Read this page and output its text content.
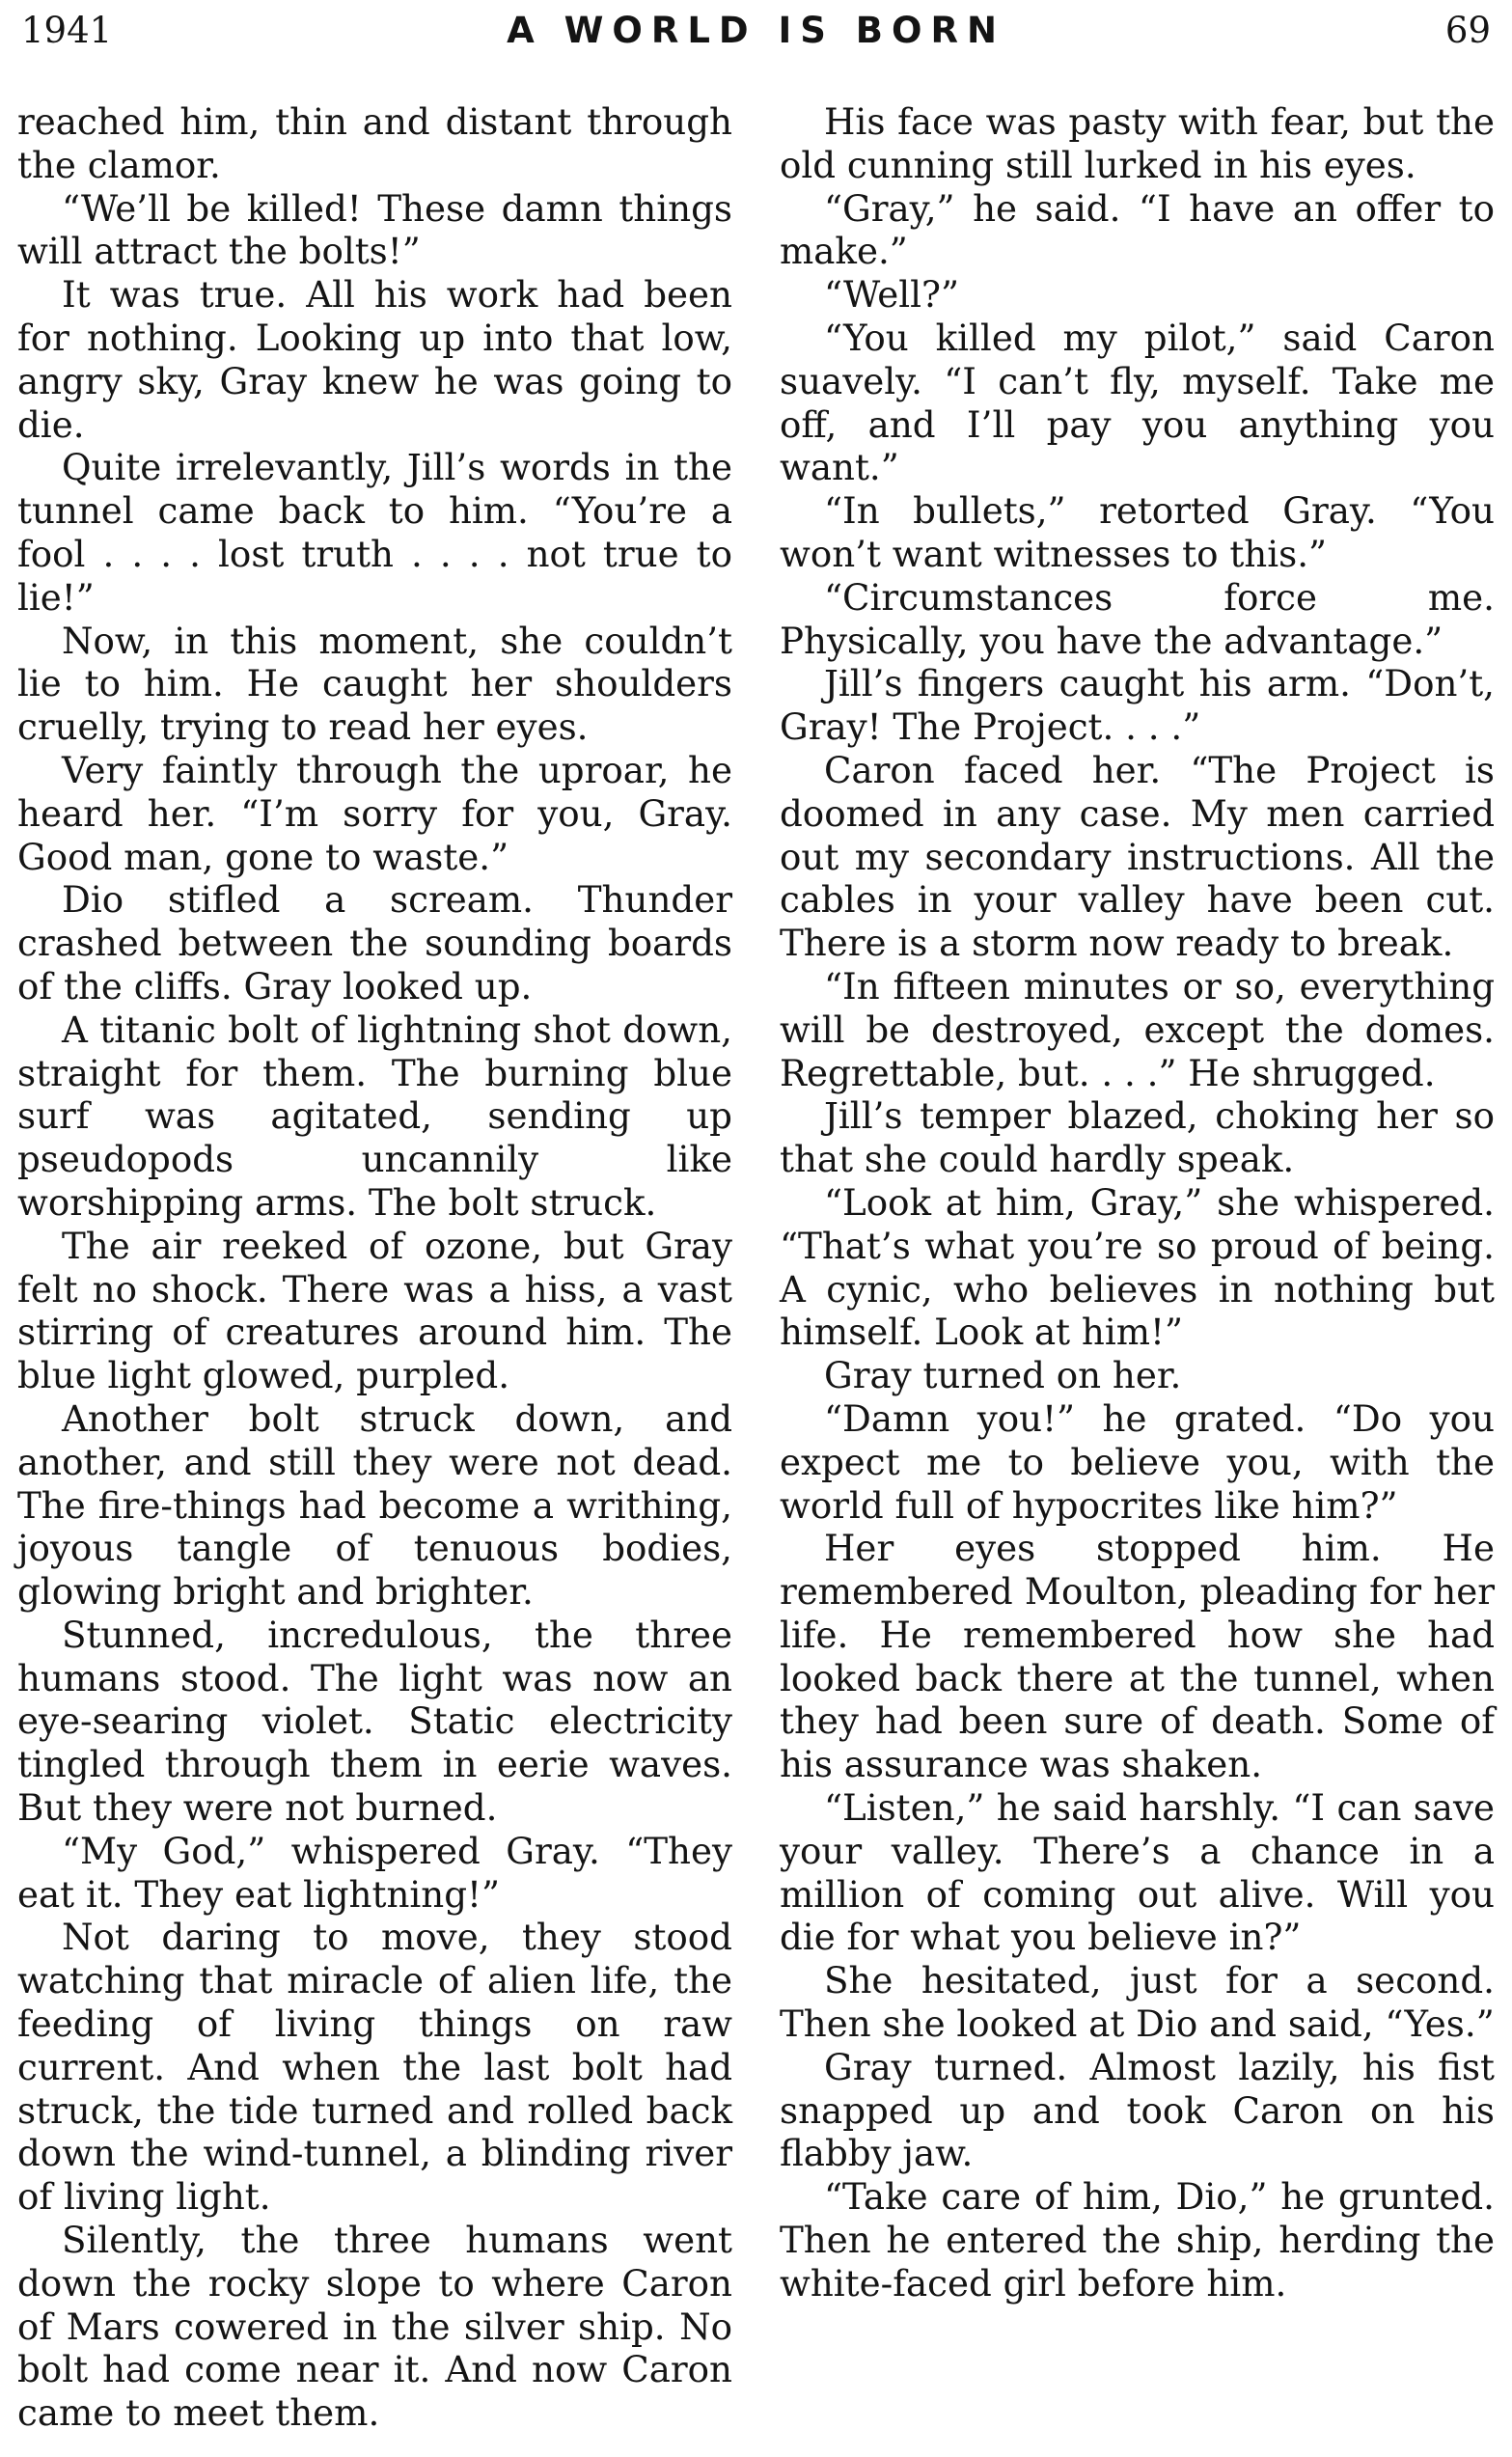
1941	A WORLD IS BORN	69

reached him, thin and distant through the clamor.

“We’ll be killed! These damn things will attract the bolts!”

It was true. All his work had been for nothing. Looking up into that low, angry sky, Gray knew he was going to die.

Quite irrelevantly, Jill’s words in the tunnel came back to him. “You’re a fool . . . . lost truth . . . . not true to lie!”

Now, in this moment, she couldn’t lie to him. He caught her shoulders cruelly, trying to read her eyes.

Very faintly through the uproar, he heard her. “I’m sorry for you, Gray. Good man, gone to waste.”

Dio stifled a scream. Thunder crashed between the sounding boards of the cliffs. Gray looked up.

A titanic bolt of lightning shot down, straight for them. The burning blue surf was agitated, sending up pseudopods uncannily like worshipping arms. The bolt struck.

The air reeked of ozone, but Gray felt no shock. There was a hiss, a vast stirring of creatures around him. The blue light glowed, purpled.

Another bolt struck down, and another, and still they were not dead. The fire-things had become a writhing, joyous tangle of tenuous bodies, glowing bright and brighter.

Stunned, incredulous, the three humans stood. The light was now an eye-searing violet. Static electricity tingled through them in eerie waves. But they were not burned.

“My God,” whispered Gray. “They eat it. They eat lightning!”

Not daring to move, they stood watching that miracle of alien life, the feeding of living things on raw current. And when the last bolt had struck, the tide turned and rolled back down the wind-tunnel, a blinding river of living light.

Silently, the three humans went down the rocky slope to where Caron of Mars cowered in the silver ship. No bolt had come near it. And now Caron came to meet them.

His face was pasty with fear, but the old cunning still lurked in his eyes.

“Gray,” he said. “I have an offer to make.”

“Well?”

“You killed my pilot,” said Caron suavely. “I can’t fly, myself. Take me off, and I’ll pay you anything you want.”

“In bullets,” retorted Gray. “You won’t want witnesses to this.”

“Circumstances force me. Physically, you have the advantage.”

Jill’s fingers caught his arm. “Don’t, Gray! The Project. . . .”

Caron faced her. “The Project is doomed in any case. My men carried out my secondary instructions. All the cables in your valley have been cut. There is a storm now ready to break.

“In fifteen minutes or so, everything will be destroyed, except the domes. Regrettable, but. . . .” He shrugged.

Jill’s temper blazed, choking her so that she could hardly speak.

“Look at him, Gray,” she whispered. “That’s what you’re so proud of being. A cynic, who believes in nothing but himself. Look at him!”

Gray turned on her.

“Damn you!” he grated. “Do you expect me to believe you, with the world full of hypocrites like him?”

Her eyes stopped him. He remembered Moulton, pleading for her life. He remembered how she had looked back there at the tunnel, when they had been sure of death. Some of his assurance was shaken.

“Listen,” he said harshly. “I can save your valley. There’s a chance in a million of coming out alive. Will you die for what you believe in?”

She hesitated, just for a second. Then she looked at Dio and said, “Yes.”

Gray turned. Almost lazily, his fist snapped up and took Caron on his flabby jaw.

“Take care of him, Dio,” he grunted. Then he entered the ship, herding the white-faced girl before him.
